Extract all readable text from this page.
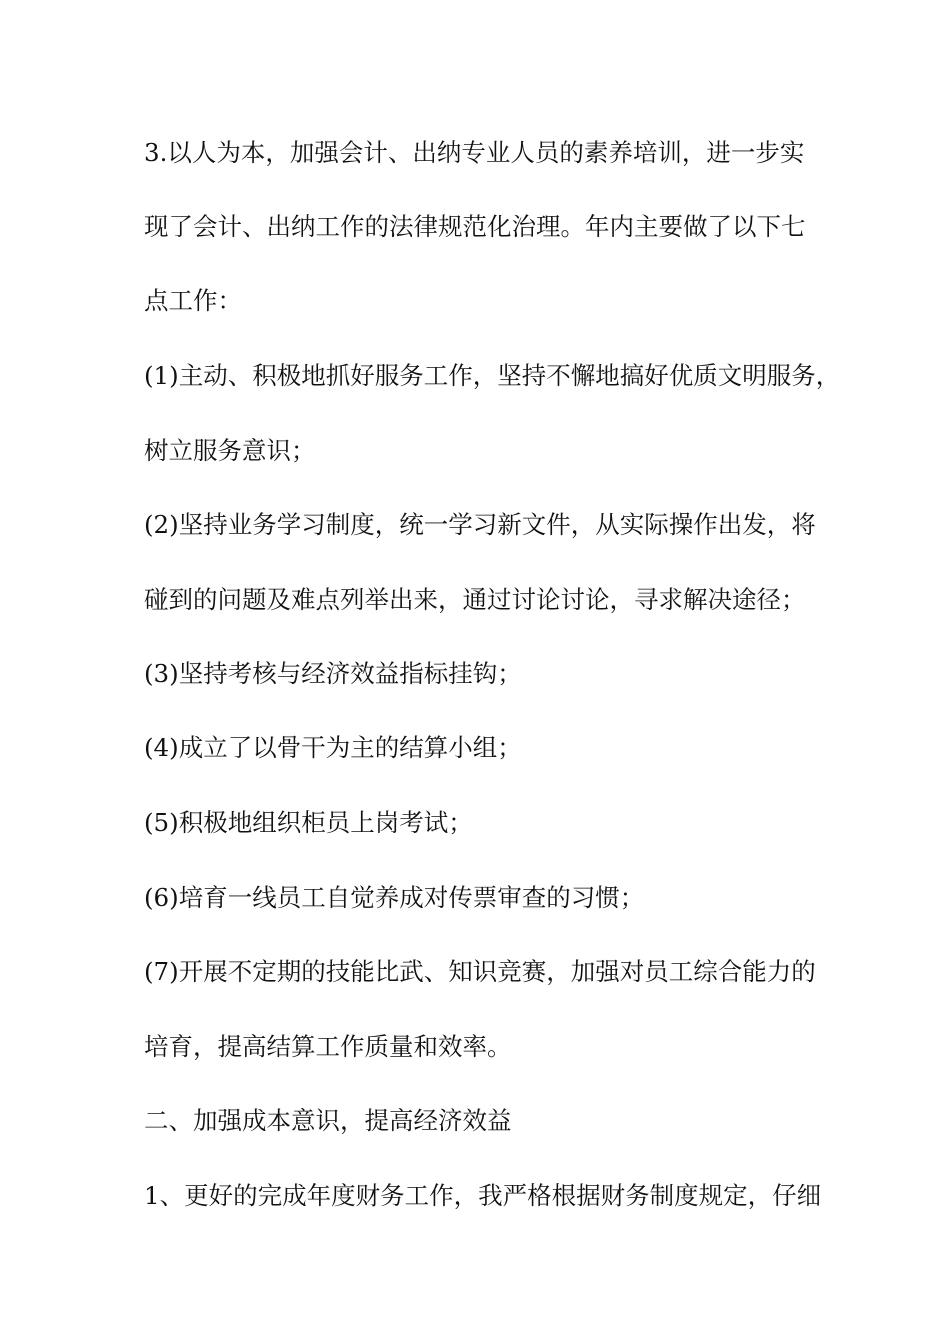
3.以人为本，加强会计、出纳专业人员的素养培训，进一步实
现了会计、出纳工作的法律规范化治理。年内主要做了以下七
点工作：
(1)主动、积极地抓好服务工作，坚持不懈地搞好优质文明服务，
树立服务意识；
(2)坚持业务学习制度，统一学习新文件，从实际操作出发，将
碰到的问题及难点列举出来，通过讨论讨论，寻求解决途径；
(3)坚持考核与经济效益指标挂钩；
(4)成立了以骨干为主的结算小组；
(5)积极地组织柜员上岗考试；
(6)培育一线员工自觉养成对传票审查的习惯；
(7)开展不定期的技能比武、知识竞赛，加强对员工综合能力的
培育，提高结算工作质量和效率。
二、加强成本意识，提高经济效益
1、更好的完成年度财务工作，我严格根据财务制度规定，仔细
